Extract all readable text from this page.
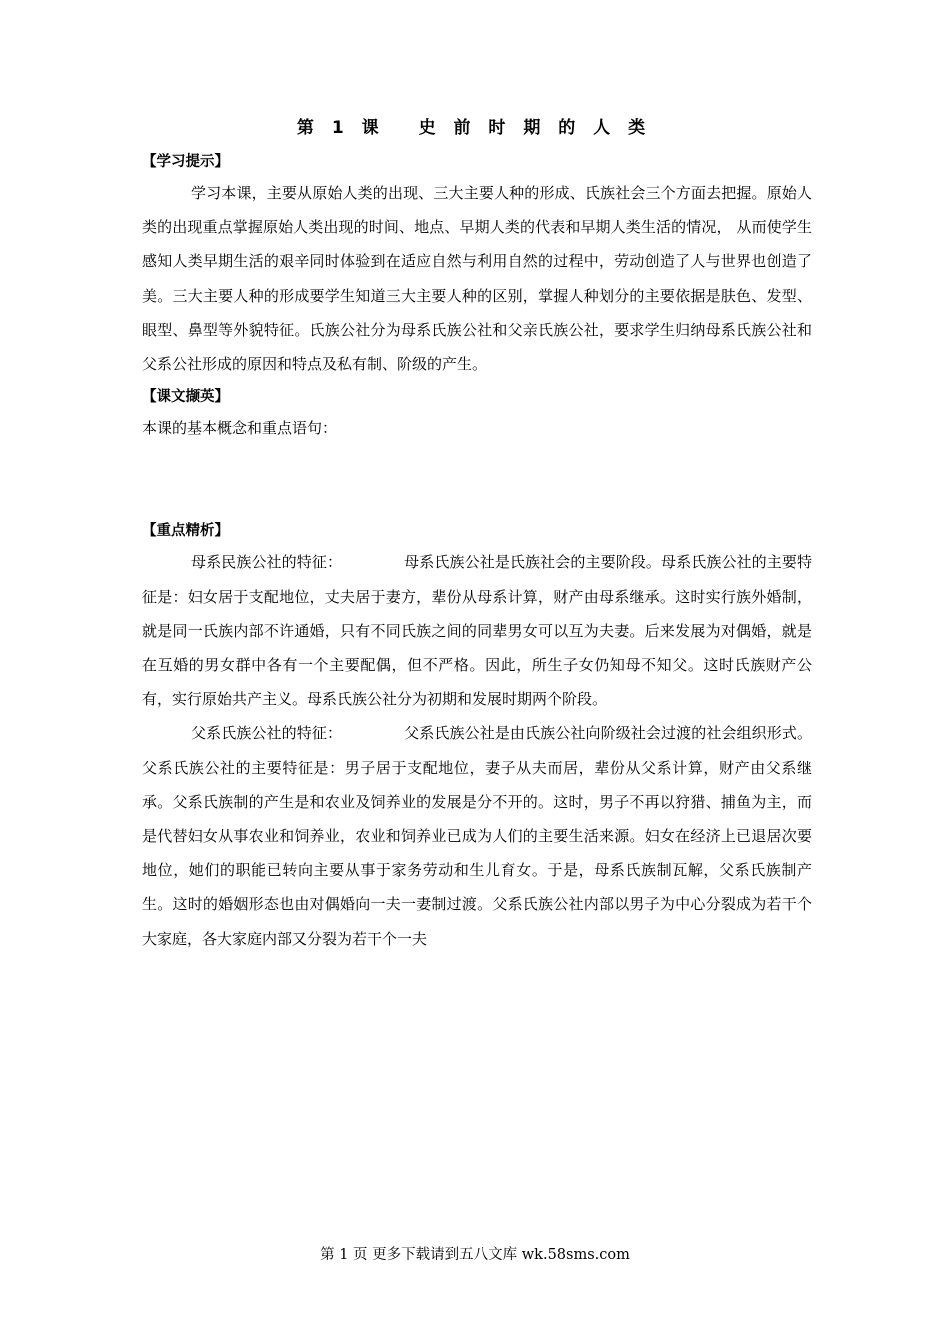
第 1 课 史 前 时 期 的 人 类
【学习提示】

学习本课，主要从原始人类的出现、三大主要人种的形成、氏族社会三个方面去把握。原始人类的出现重点掌握原始人类出现的时间、地点、早期人类的代表和早期人类生活的情况， 从而使学生感知人类早期生活的艰辛同时体验到在适应自然与利用自然的过程中，劳动创造了人与世界也创造了美。三大主要人种的形成要学生知道三大主要人种的区别，掌握人种划分的主要依据是肤色、发型、眼型、鼻型等外貌特征。氏族公社分为母系氏族公社和父亲氏族公社，要求学生归纳母系氏族公社和父系公社形成的原因和特点及私有制、阶级的产生。

【课文撷英】

本课的基本概念和重点语句：

【重点精析】

母系民族公社的特征：	母系氏族公社是氏族社会的主要阶段。母系氏族公社的主要特征是：妇女居于支配地位，丈夫居于妻方，辈份从母系计算，财产由母系继承。这时实行族外婚制，就是同一氏族内部不许通婚，只有不同氏族之间的同辈男女可以互为夫妻。后来发展为对偶婚，就是在互婚的男女群中各有一个主要配偶，但不严格。因此，所生子女仍知母不知父。这时氏族财产公有，实行原始共产主义。母系氏族公社分为初期和发展时期两个阶段。

父系氏族公社的特征：	父系氏族公社是由氏族公社向阶级社会过渡的社会组织形式。父系氏族公社的主要特征是：男子居于支配地位，妻子从夫而居，辈份从父系计算，财产由父系继承。父系氏族制的产生是和农业及饲养业的发展是分不开的。这时，男子不再以狩猎、捕鱼为主，而是代替妇女从事农业和饲养业，农业和饲养业已成为人们的主要生活来源。妇女在经济上已退居次要地位，她们的职能已转向主要从事于家务劳动和生儿育女。于是，母系氏族制瓦解，父系氏族制产生。这时的婚姻形态也由对偶婚向一夫一妻制过渡。父系氏族公社内部以男子为中心分裂成为若干个大家庭，各大家庭内部又分裂为若干个一夫

第 1 页 更多下载请到五八文库 wk.58sms.com
